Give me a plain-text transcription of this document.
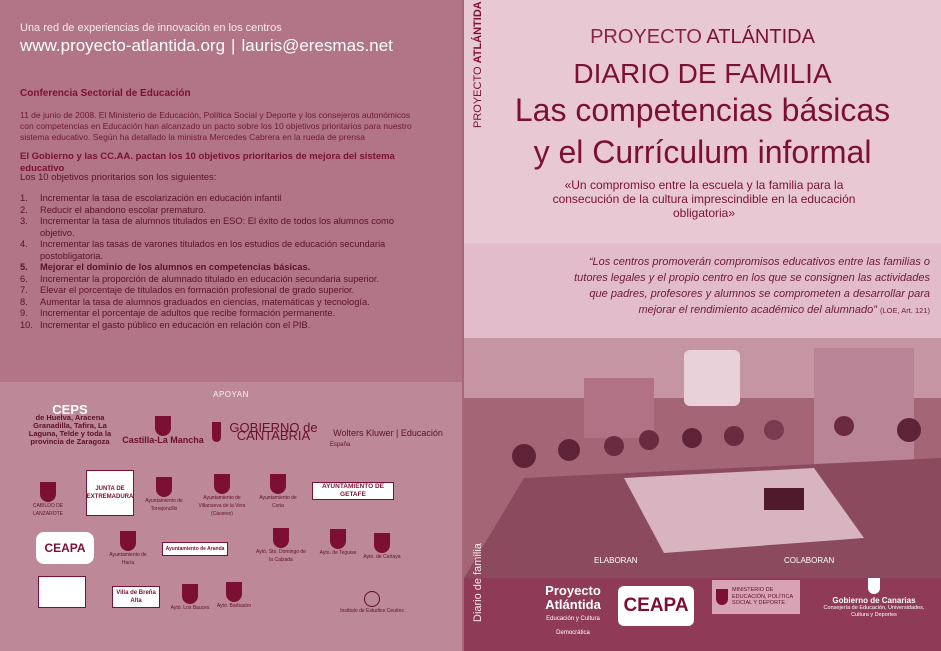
Una red de experiencias de innovación en los centros
www.proyecto-atlantida.org | lauris@eresmas.net
Conferencia Sectorial de Educación
11 de junio de 2008. El Ministerio de Educación, Política Social y Deporte y los consejeros autonómicos con competencias en Educación han alcanzado un pacto sobre los 10 objetivos prioritarios para nuestro sistema educativo. Según ha detallado la ministra Mercedes Cabrera en la rueda de prensa
El Gobierno y las CC.AA. pactan los 10 objetivos prioritarios de mejora del sistema educativo
Los 10 objetivos prioritarios son los siguientes:
1. Incrementar la tasa de escolarización en educación infantil
2. Reducir el abandono escolar prematuro.
3. Incrementar la tasa de alumnos titulados en ESO: El éxito de todos los alumnos como objetivo.
4. Incrementar las tasas de varones titulados en los estudios de educación secundaria postobligatoria.
5. Mejorar el dominio de los alumnos en competencias básicas.
6. Incrementar la proporción de alumnado titulado en educación secundaria superior.
7. Elevar el porcentaje de titulados en formación profesional de grado superior.
8. Aumentar la tasa de alumnos graduados en ciencias, matemáticas y tecnología.
9. Incrementar el porcentaje de adultos que recibe formación permanente.
10. Incrementar el gasto público en educación en relación con el PIB.
APOYAN
CEPS
de Huelva, Aracena Granadilla, Tafira, La Laguna, Telde y toda la provincia de Zaragoza	Castilla-La Mancha
GOBIERNO de CANTABRIA	Wolters Kluwer | Educación
España
CABILDO DE LANZAROTE
JUNTA DE EXTREMADURA
Ayuntamiento de Torrejoncillo
Ayuntamiento de Villanueva de la Vera (Cáceres)
Ayuntamiento de Coria
AYUNTAMIENTO DE GETAFE
CEAPA	Ayuntamiento de Haría
Ayuntamiento de Aranda	Aytó. Sto. Domingo de la Calzada
Ayto. de Teguise
Ayto. de Cartaya
Villa de Breña Alta
Aytó. Los Bauces Aytó. Barbastro
Instituto de Estudios Ceutíes
PROYECTO ATLÁNTIDA
Diario de familia
PROYECTO ATLÁNTIDA
DIARIO DE FAMILIA
Las competencias básicas
y el Currículum informal
«Un compromiso entre la escuela y la familia para la consecución de la cultura imprescindible en la educación obligatoria»
“Los centros promoverán compromisos educativos entre las familias o tutores legales y el propio centro en los que se consignen las actividades que padres, profesores y alumnos se comprometen a desarrollar para mejorar el rendimiento académico del alumnado” (LOE, Art. 121)
ELABORAN	COLABORAN
Proyecto Atlántida
Educación y Cultura Democrática
CEAPA
MINISTERIO DE EDUCACIÓN, POLÍTICA SOCIAL Y DEPORTE	Gobierno de Canarias
Consejería de Educación, Universidades, Cultura y Deportes
